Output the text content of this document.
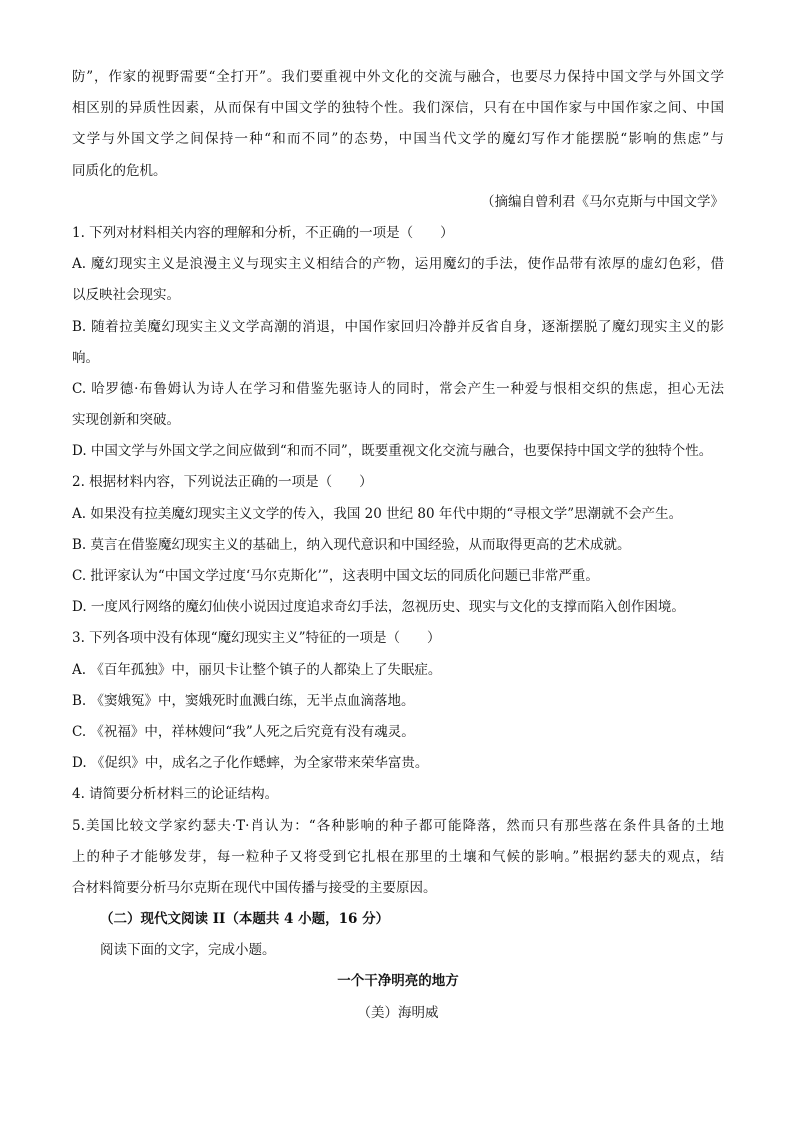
防”，作家的视野需要“全打开”。我们要重视中外文化的交流与融合，也要尽力保持中国文学与外国文学
相区别的异质性因素，从而保有中国文学的独特个性。我们深信，只有在中国作家与中国作家之间、中国
文学与外国文学之间保持一种“和而不同”的态势，中国当代文学的魔幻写作才能摆脱“影响的焦虑”与
同质化的危机。
（摘编自曾利君《马尔克斯与中国文学》
1. 下列对材料相关内容的理解和分析，不正确的一项是（　　）
A. 魔幻现实主义是浪漫主义与现实主义相结合的产物，运用魔幻的手法，使作品带有浓厚的虚幻色彩，借
以反映社会现实。
B. 随着拉美魔幻现实主义文学高潮的消退，中国作家回归冷静并反省自身，逐渐摆脱了魔幻现实主义的影
响。
C. 哈罗德·布鲁姆认为诗人在学习和借鉴先驱诗人的同时，常会产生一种爱与恨相交织的焦虑，担心无法
实现创新和突破。
D. 中国文学与外国文学之间应做到“和而不同”，既要重视文化交流与融合，也要保持中国文学的独特个性。
2. 根据材料内容，下列说法正确的一项是（　　）
A. 如果没有拉美魔幻现实主义文学的传入，我国 20 世纪 80 年代中期的“寻根文学”思潮就不会产生。
B. 莫言在借鉴魔幻现实主义的基础上，纳入现代意识和中国经验，从而取得更高的艺术成就。
C. 批评家认为“中国文学过度‘马尔克斯化’”，这表明中国文坛的同质化问题已非常严重。
D. 一度风行网络的魔幻仙侠小说因过度追求奇幻手法，忽视历史、现实与文化的支撑而陷入创作困境。
3. 下列各项中没有体现“魔幻现实主义”特征的一项是（　　）
A. 《百年孤独》中，丽贝卡让整个镇子的人都染上了失眠症。
B. 《窦娥冤》中，窦娥死时血溅白练，无半点血滴落地。
C. 《祝福》中，祥林嫂问“我”人死之后究竟有没有魂灵。
D. 《促织》中，成名之子化作蟋蟀，为全家带来荣华富贵。
4. 请简要分析材料三的论证结构。
5.美国比较文学家约瑟夫·T·肖认为：“各种影响的种子都可能降落，然而只有那些落在条件具备的土地
上的种子才能够发芽，每一粒种子又将受到它扎根在那里的土壤和气候的影响。”根据约瑟夫的观点，结
合材料简要分析马尔克斯在现代中国传播与接受的主要原因。
（二）现代文阅读 II（本题共 4 小题，16 分）
阅读下面的文字，完成小题。
一个干净明亮的地方
（美）海明威
